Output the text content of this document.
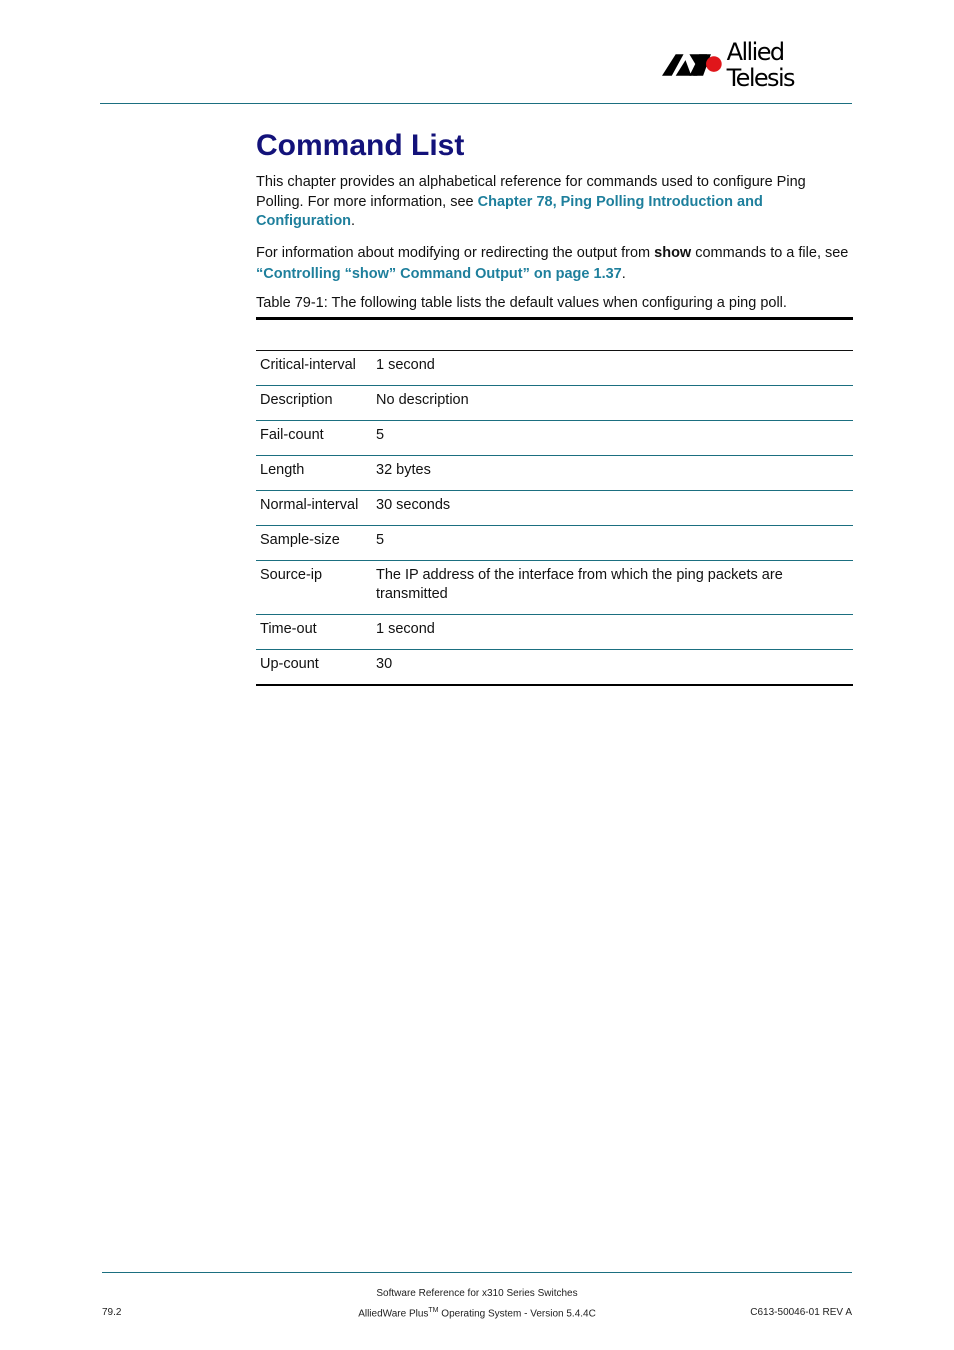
Allied Telesis
Command List

This chapter provides an alphabetical reference for commands used to configure Ping Polling. For more information, see Chapter 78, Ping Polling Introduction and Configuration.

For information about modifying or redirecting the output from show commands to a file, see “Controlling “show” Command Output” on page 1.37.

Table 79-1: The following table lists the default values when configuring a ping poll.

Critical-interval	1 second
Description	No description
Fail-count	5
Length	32 bytes
Normal-interval	30 seconds
Sample-size	5
Source-ip	The IP address of the interface from which the ping packets are transmitted
Time-out	1 second
Up-count	30
Software Reference for x310 Series Switches
AlliedWare Plus™ Operating System - Version 5.4.4C
79.2	C613-50046-01 REV A
